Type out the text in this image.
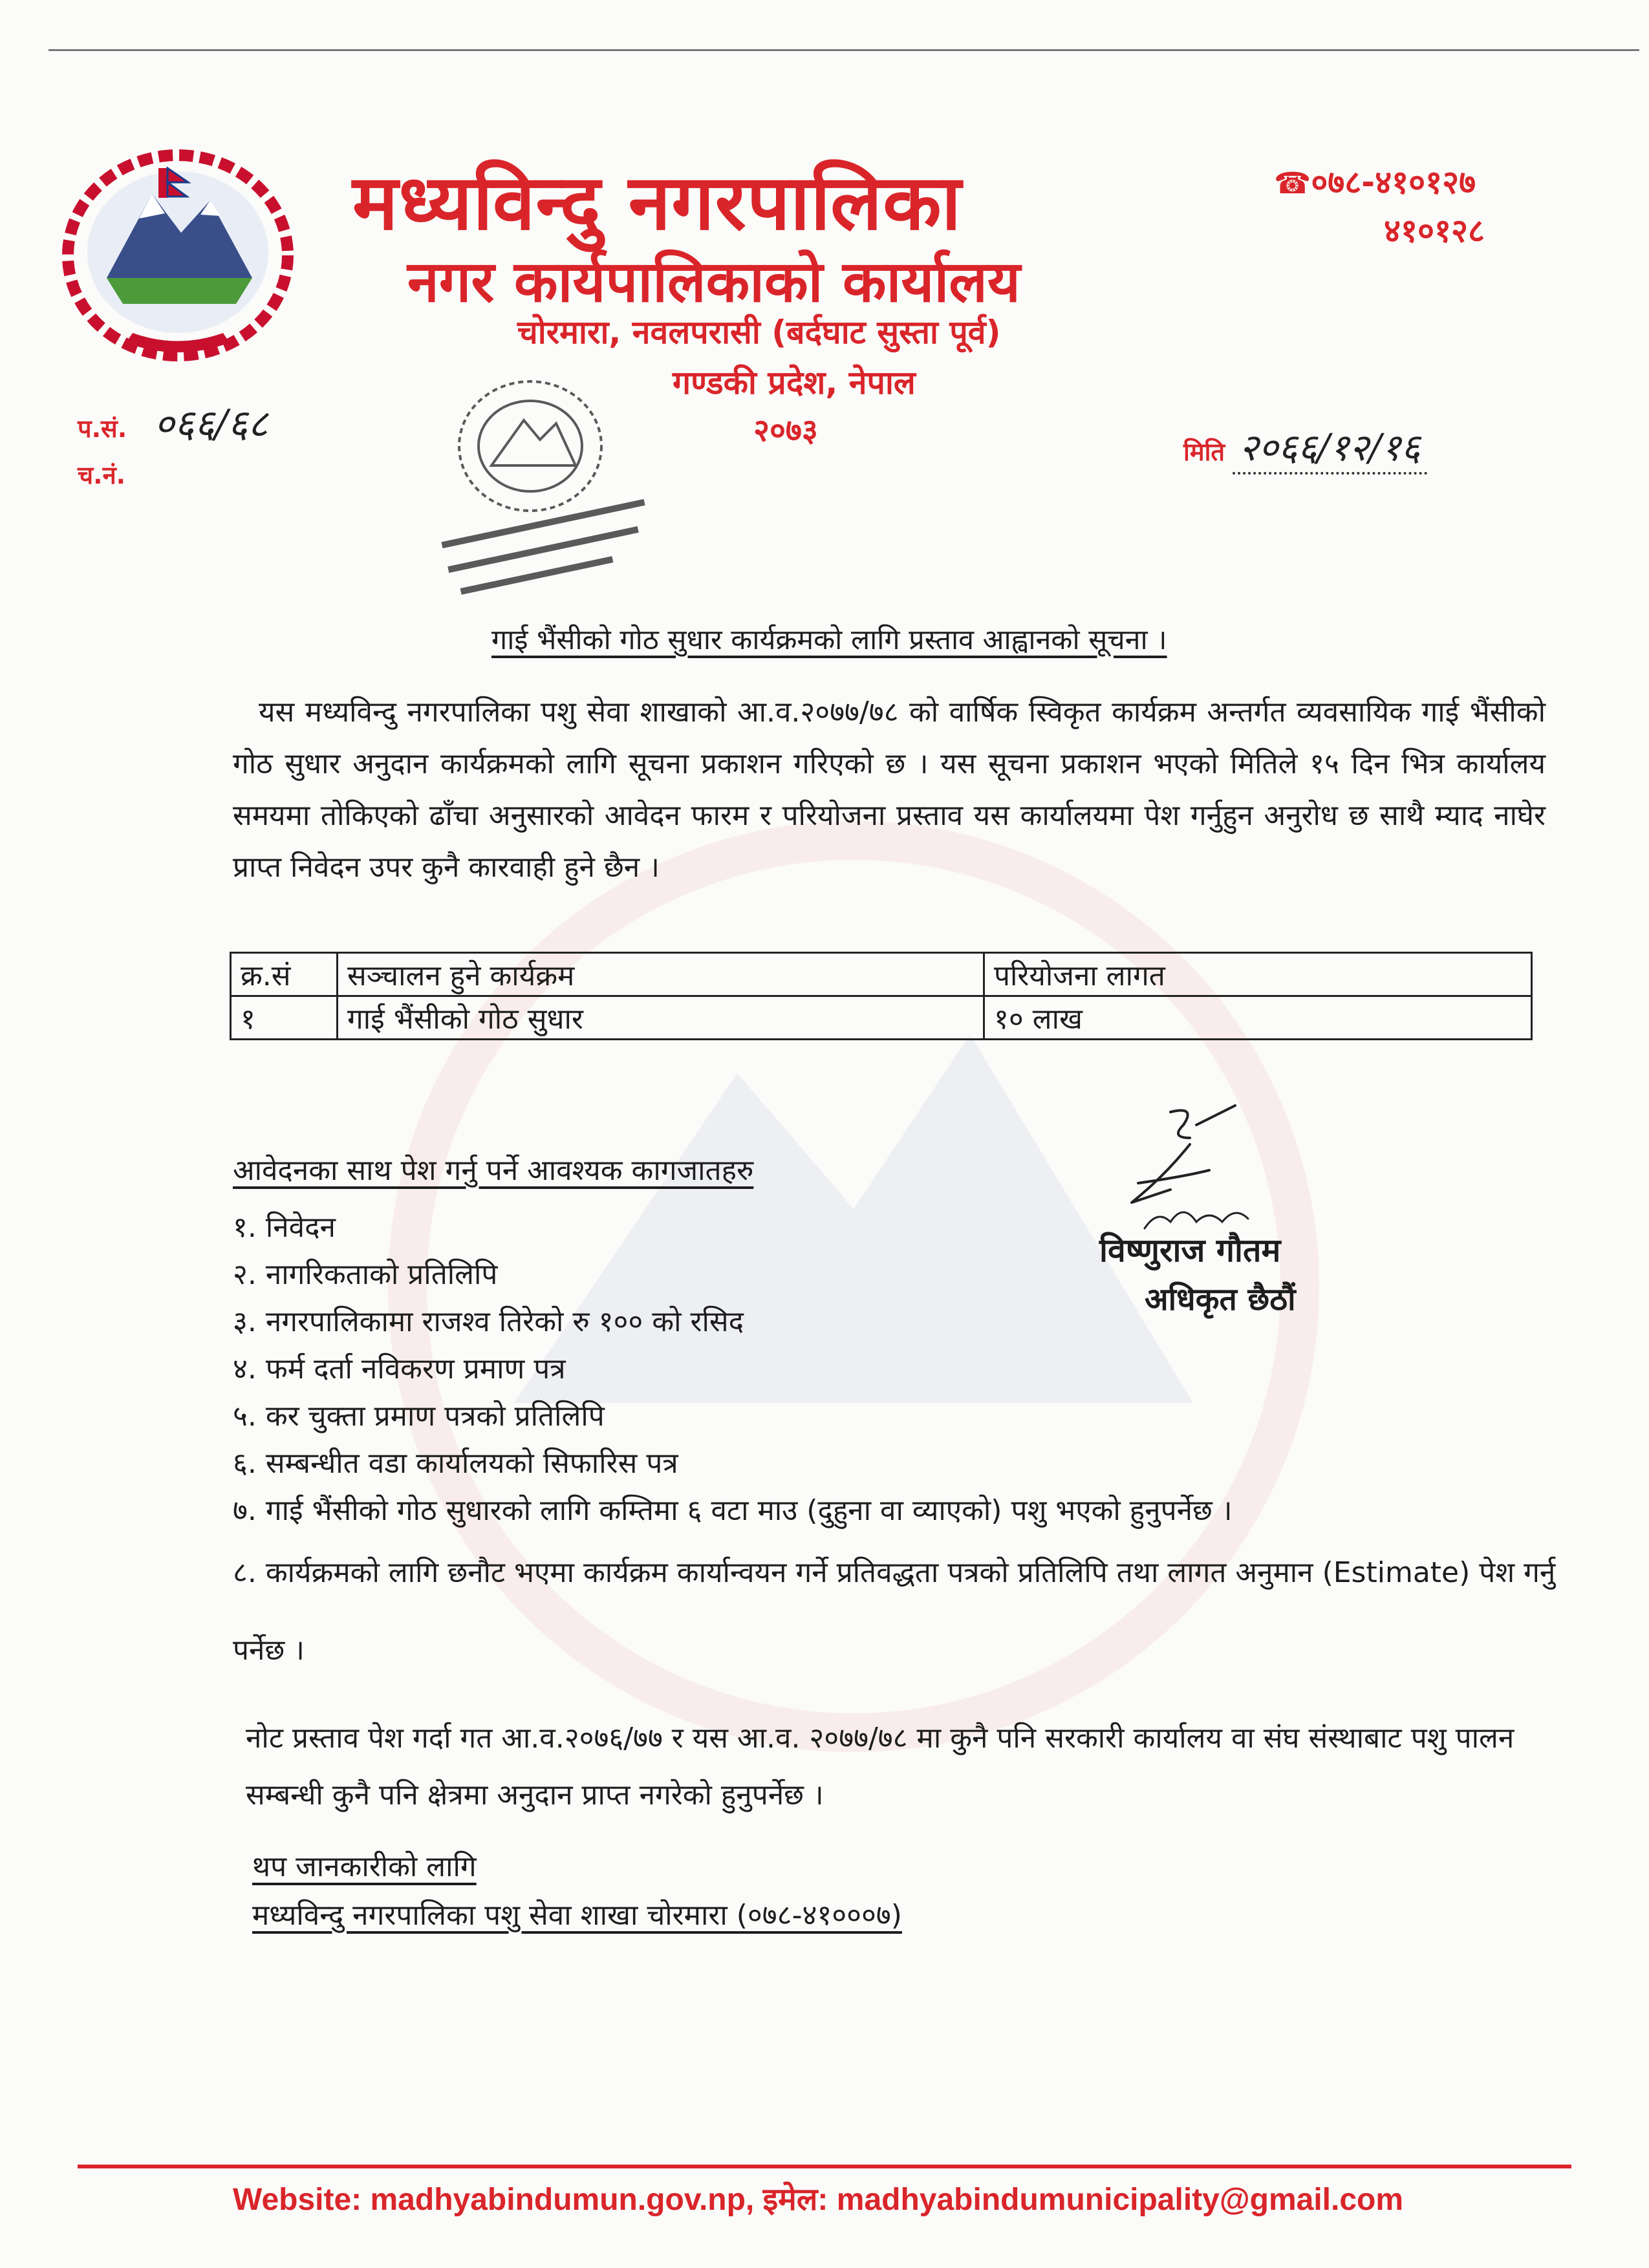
मध्यविन्दु नगरपालिका
नगर कार्यपालिकाको कार्यालय
चोरमारा, नवलपरासी (बर्दघाट सुस्ता पूर्व)
गण्डकी प्रदेश, नेपाल
२०७३
☎०७८-४१०१२७
४१०१२८
प.सं. ०६६/६८
च.नं.
मिति २०६६/१२/१६
गाई भैंसीको गोठ सुधार कार्यक्रमको लागि प्रस्ताव आह्वानको सूचना ।
यस मध्यविन्दु नगरपालिका पशु सेवा शाखाको आ.व.२०७७/७८ को वार्षिक स्विकृत कार्यक्रम अन्तर्गत व्यवसायिक गाई भैंसीको गोठ सुधार अनुदान कार्यक्रमको लागि सूचना प्रकाशन गरिएको छ । यस सूचना प्रकाशन भएको मितिले १५ दिन भित्र कार्यालय समयमा तोकिएको ढाँचा अनुसारको आवेदन फारम र परियोजना प्रस्ताव यस कार्यालयमा पेश गर्नुहुन अनुरोध छ साथै म्याद नाघेर प्राप्त निवेदन उपर कुनै कारवाही हुने छैन ।
क्र.सं	सञ्चालन हुने कार्यक्रम	परियोजना लागत
१	गाई भैंसीको गोठ सुधार	१० लाख
आवेदनका साथ पेश गर्नु पर्ने आवश्यक कागजातहरु
१. निवेदन
२. नागरिकताको प्रतिलिपि
३. नगरपालिकामा राजश्व तिरेको रु १०० को रसिद
४. फर्म दर्ता नविकरण प्रमाण पत्र
५. कर चुक्ता प्रमाण पत्रको प्रतिलिपि
६. सम्बन्धीत वडा कार्यालयको सिफारिस पत्र
७. गाई भैंसीको गोठ सुधारको लागि कम्तिमा ६ वटा माउ (दुहुना वा व्याएको) पशु भएको हुनुपर्नेछ ।
८. कार्यक्रमको लागि छनौट भएमा कार्यक्रम कार्यान्वयन गर्ने प्रतिवद्धता पत्रको प्रतिलिपि तथा लागत अनुमान (Estimate) पेश गर्नु पर्नेछ ।
विष्णुराज गौतम
अधिकृत छैठौं
नोट प्रस्ताव पेश गर्दा गत आ.व.२०७६/७७ र यस आ.व. २०७७/७८ मा कुनै पनि सरकारी कार्यालय वा संघ संस्थाबाट पशु पालन सम्बन्धी कुनै पनि क्षेत्रमा अनुदान प्राप्त नगरेको हुनुपर्नेछ ।
थप जानकारीको लागि
मध्यविन्दु नगरपालिका पशु सेवा शाखा चोरमारा (०७८-४१०००७)
Website: madhyabindumun.gov.np, इमेल: madhyabindumunicipality@gmail.com
